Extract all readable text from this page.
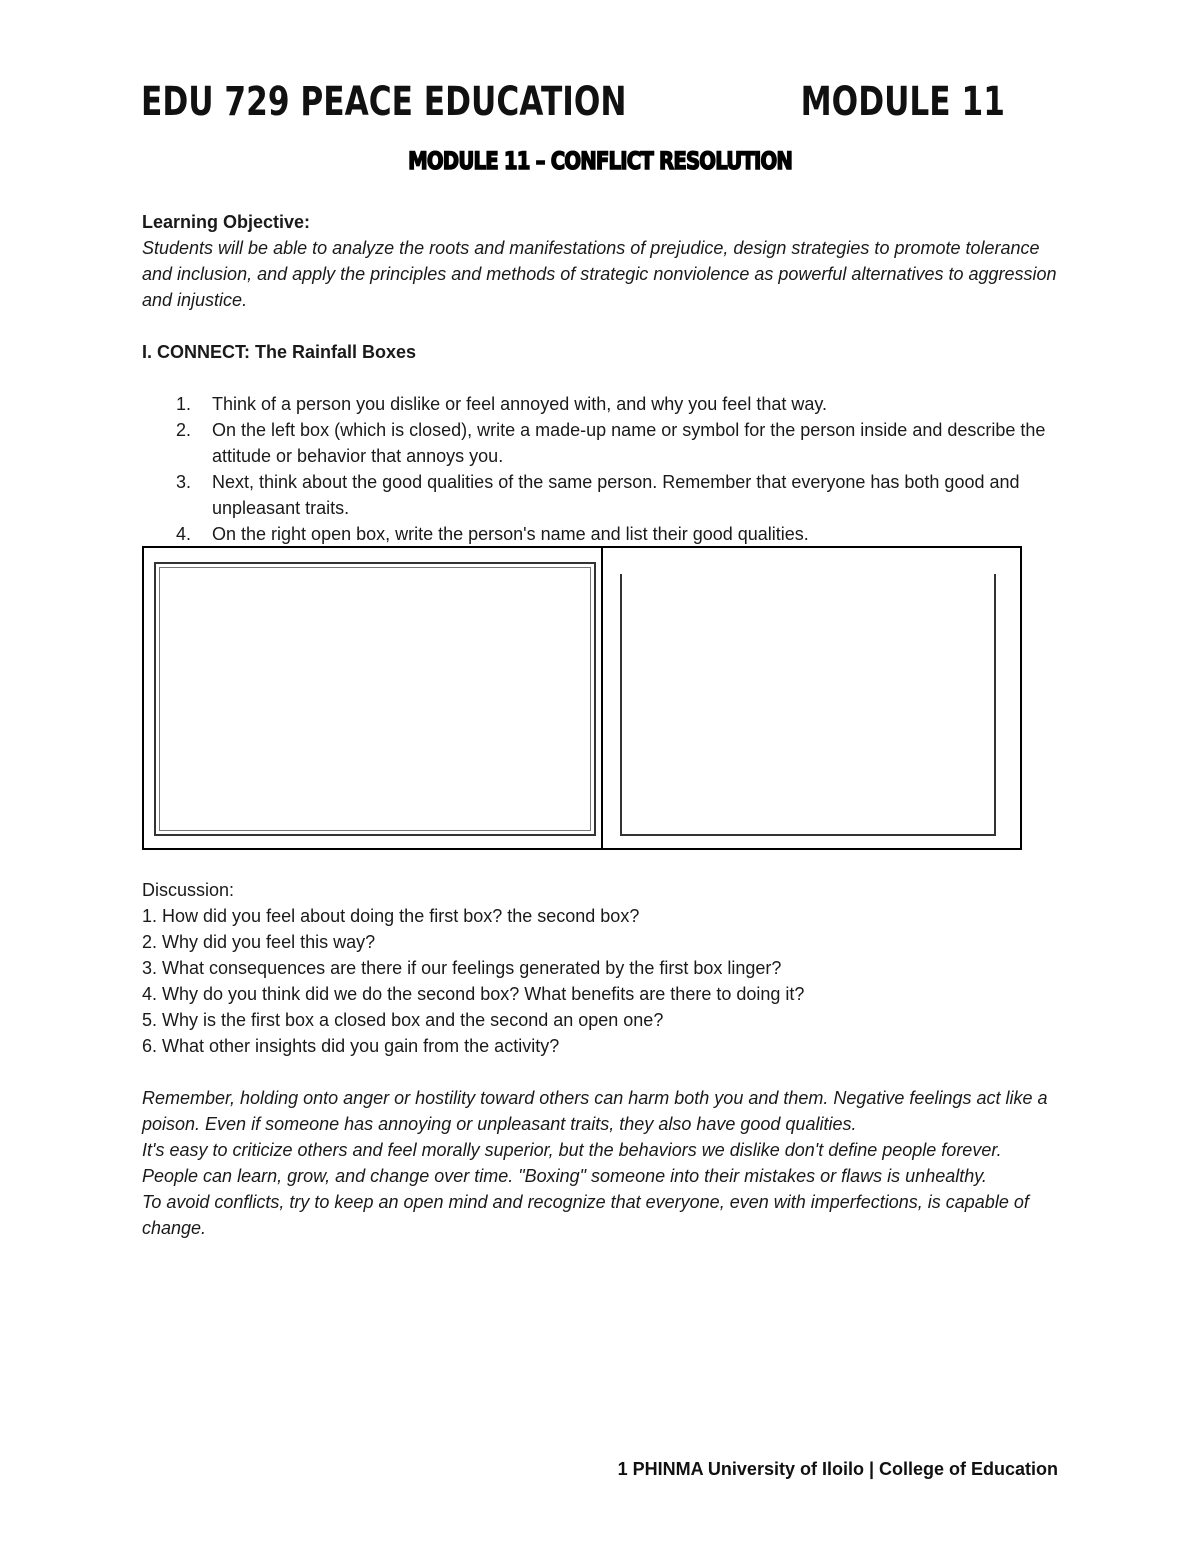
EDU 729 PEACE EDUCATION	MODULE 11
MODULE 11 – CONFLICT RESOLUTION

Learning Objective:

Students will be able to analyze the roots and manifestations of prejudice, design strategies to promote tolerance and inclusion, and apply the principles and methods of strategic nonviolence as powerful alternatives to aggression and injustice.

I. CONNECT: The Rainfall Boxes

1. Think of a person you dislike or feel annoyed with, and why you feel that way.
2. On the left box (which is closed), write a made-up name or symbol for the person inside and describe the attitude or behavior that annoys you.
3. Next, think about the good qualities of the same person. Remember that everyone has both good and unpleasant traits.
4. On the right open box, write the person's name and list their good qualities.

Discussion:

1. How did you feel about doing the first box? the second box?

2. Why did you feel this way?

3. What consequences are there if our feelings generated by the first box linger?

4. Why do you think did we do the second box? What benefits are there to doing it?

5. Why is the first box a closed box and the second an open one?

6. What other insights did you gain from the activity?

Remember, holding onto anger or hostility toward others can harm both you and them. Negative feelings act like a poison. Even if someone has annoying or unpleasant traits, they also have good qualities.

It's easy to criticize others and feel morally superior, but the behaviors we dislike don't define people forever. People can learn, grow, and change over time. "Boxing" someone into their mistakes or flaws is unhealthy.

To avoid conflicts, try to keep an open mind and recognize that everyone, even with imperfections, is capable of change.

1 PHINMA University of Iloilo | College of Education
